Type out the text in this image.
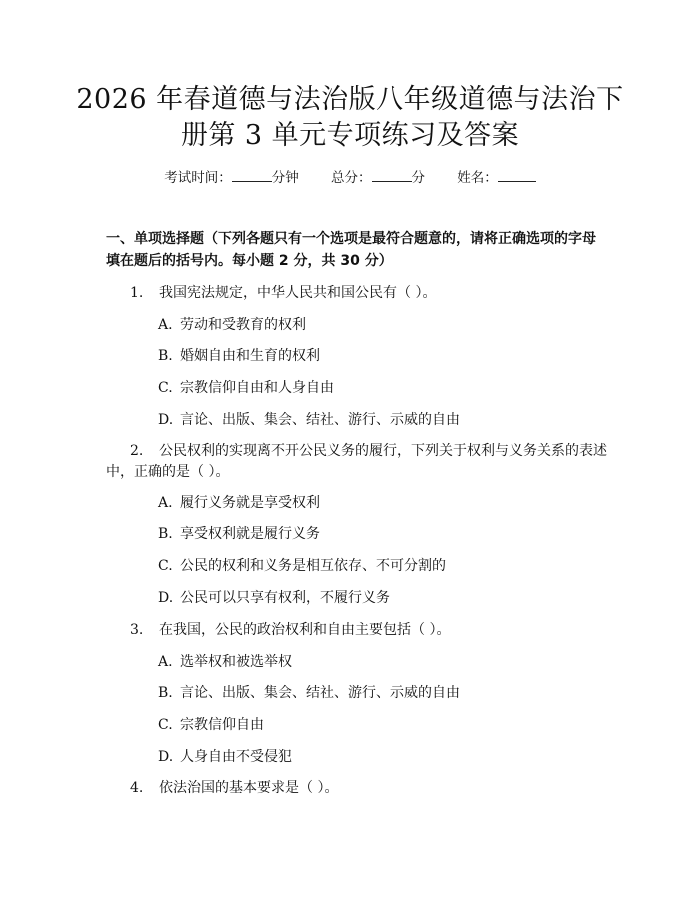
2026 年春道德与法治版八年级道德与法治下
册第 3 单元专项练习及答案
考试时间：	分钟 总分：	分 姓名：
一、单项选择题（下列各题只有一个选项是最符合题意的，请将正确选项的字母
填在题后的括号内。每小题 2 分，共 30 分）
1. 我国宪法规定，中华人民共和国公民有（ ）。
A. 劳动和受教育的权利
B. 婚姻自由和生育的权利
C. 宗教信仰自由和人身自由
D. 言论、出版、集会、结社、游行、示威的自由
2. 公民权利的实现离不开公民义务的履行，下列关于权利与义务关系的表述
中，正确的是（ ）。
A. 履行义务就是享受权利
B. 享受权利就是履行义务
C. 公民的权利和义务是相互依存、不可分割的
D. 公民可以只享有权利，不履行义务
3. 在我国，公民的政治权利和自由主要包括（ ）。
A. 选举权和被选举权
B. 言论、出版、集会、结社、游行、示威的自由
C. 宗教信仰自由
D. 人身自由不受侵犯
4. 依法治国的基本要求是（ ）。
